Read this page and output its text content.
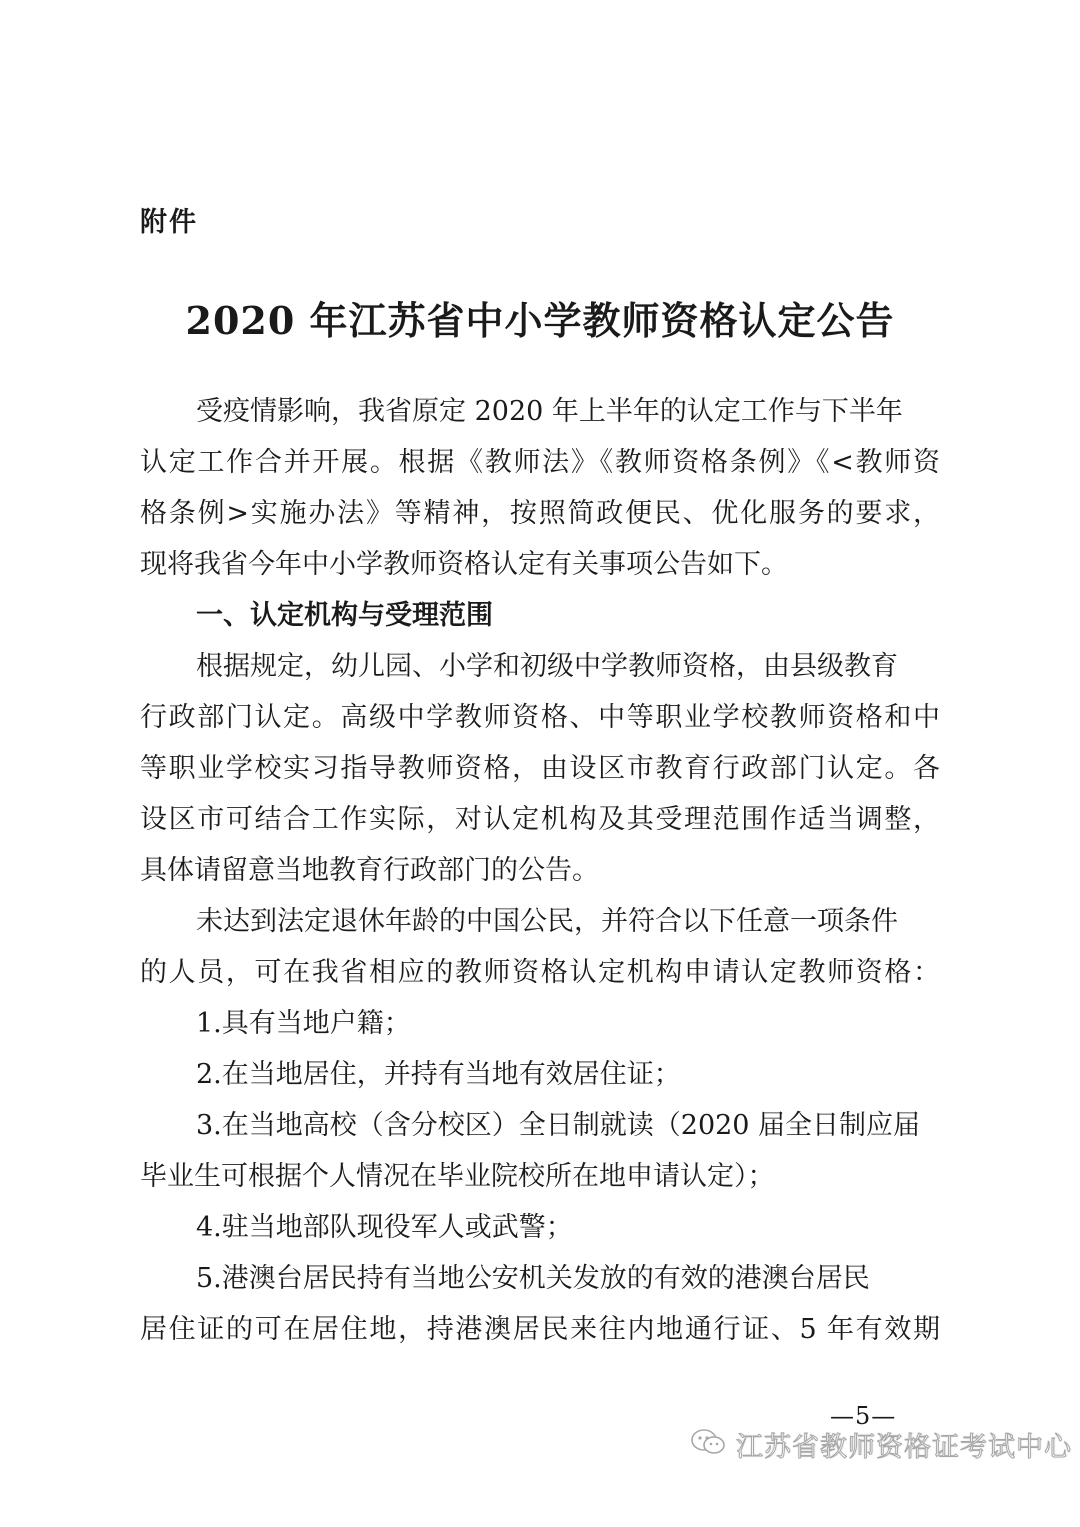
附件
2020 年江苏省中小学教师资格认定公告
受疫情影响，我省原定 2020 年上半年的认定工作与下半年
认定工作合并开展。根据《教师法》《教师资格条例》《<教师资
格条例>实施办法》等精神，按照简政便民、优化服务的要求，
现将我省今年中小学教师资格认定有关事项公告如下。
一、认定机构与受理范围
根据规定，幼儿园、小学和初级中学教师资格，由县级教育
行政部门认定。高级中学教师资格、中等职业学校教师资格和中
等职业学校实习指导教师资格，由设区市教育行政部门认定。各
设区市可结合工作实际，对认定机构及其受理范围作适当调整，
具体请留意当地教育行政部门的公告。
未达到法定退休年龄的中国公民，并符合以下任意一项条件
的人员，可在我省相应的教师资格认定机构申请认定教师资格：
1.具有当地户籍；
2.在当地居住，并持有当地有效居住证；
3.在当地高校（含分校区）全日制就读（2020 届全日制应届
毕业生可根据个人情况在毕业院校所在地申请认定）；
4.驻当地部队现役军人或武警；
5.港澳台居民持有当地公安机关发放的有效的港澳台居民
居住证的可在居住地，持港澳居民来往内地通行证、5 年有效期
—5—
江苏省教师资格证考试中心
